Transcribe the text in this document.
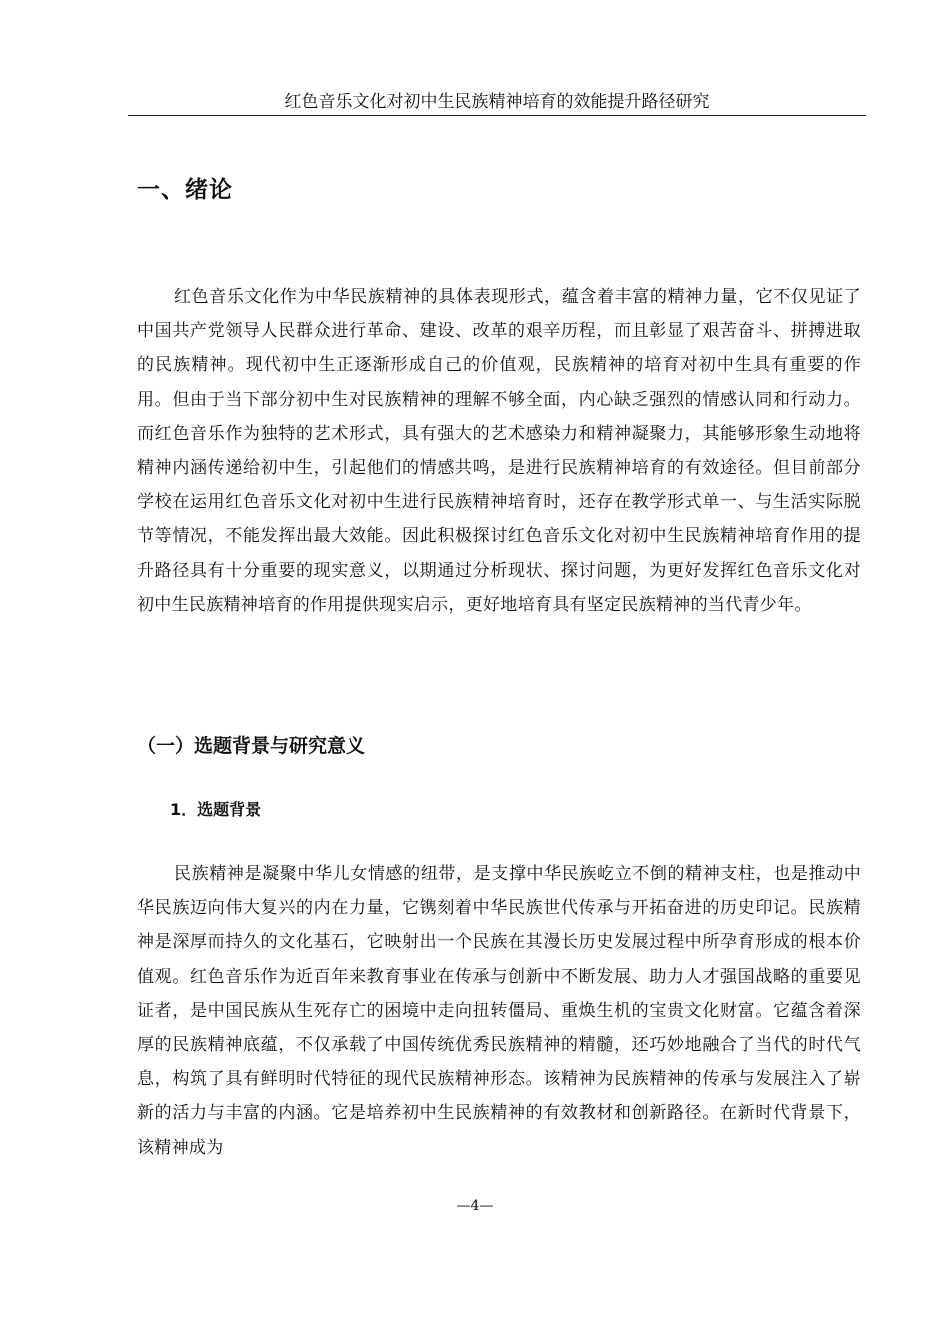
红色音乐文化对初中生民族精神培育的效能提升路径研究
一、绪论

红色音乐文化作为中华民族精神的具体表现形式，蕴含着丰富的精神力量，它不仅见证了中国共产党领导人民群众进行革命、建设、改革的艰辛历程，而且彰显了艰苦奋斗、拼搏进取的民族精神。现代初中生正逐渐形成自己的价值观，民族精神的培育对初中生具有重要的作用。但由于当下部分初中生对民族精神的理解不够全面，内心缺乏强烈的情感认同和行动力。而红色音乐作为独特的艺术形式，具有强大的艺术感染力和精神凝聚力，其能够形象生动地将精神内涵传递给初中生，引起他们的情感共鸣，是进行民族精神培育的有效途径。但目前部分学校在运用红色音乐文化对初中生进行民族精神培育时，还存在教学形式单一、与生活实际脱节等情况，不能发挥出最大效能。因此积极探讨红色音乐文化对初中生民族精神培育作用的提升路径具有十分重要的现实意义，以期通过分析现状、探讨问题，为更好发挥红色音乐文化对初中生民族精神培育的作用提供现实启示，更好地培育具有坚定民族精神的当代青少年。

（一）选题背景与研究意义
1．选题背景

民族精神是凝聚中华儿女情感的纽带，是支撑中华民族屹立不倒的精神支柱，也是推动中华民族迈向伟大复兴的内在力量，它镌刻着中华民族世代传承与开拓奋进的历史印记。民族精神是深厚而持久的文化基石，它映射出一个民族在其漫长历史发展过程中所孕育形成的根本价值观。红色音乐作为近百年来教育事业在传承与创新中不断发展、助力人才强国战略的重要见证者，是中国民族从生死存亡的困境中走向扭转僵局、重焕生机的宝贵文化财富。它蕴含着深厚的民族精神底蕴，不仅承载了中国传统优秀民族精神的精髓，还巧妙地融合了当代的时代气息，构筑了具有鲜明时代特征的现代民族精神形态。该精神为民族精神的传承与发展注入了崭新的活力与丰富的内涵。它是培养初中生民族精神的有效教材和创新路径。在新时代背景下，该精神成为

—4—
